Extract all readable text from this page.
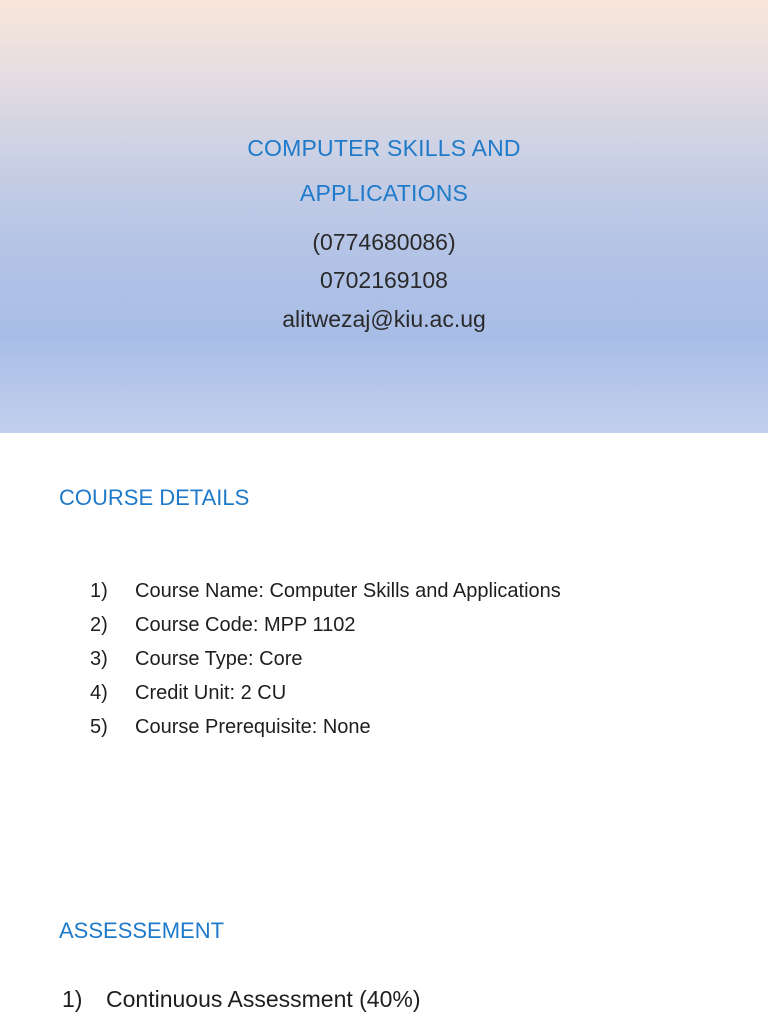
COMPUTER SKILLS AND
APPLICATIONS
(0774680086)
0702169108
alitwezaj@kiu.ac.ug
COURSE DETAILS
1) Course Name: Computer Skills and Applications
2) Course Code: MPP 1102
3) Course Type: Core
4) Credit Unit: 2 CU
5) Course Prerequisite: None
ASSESSEMENT
1) Continuous Assessment (40%)
